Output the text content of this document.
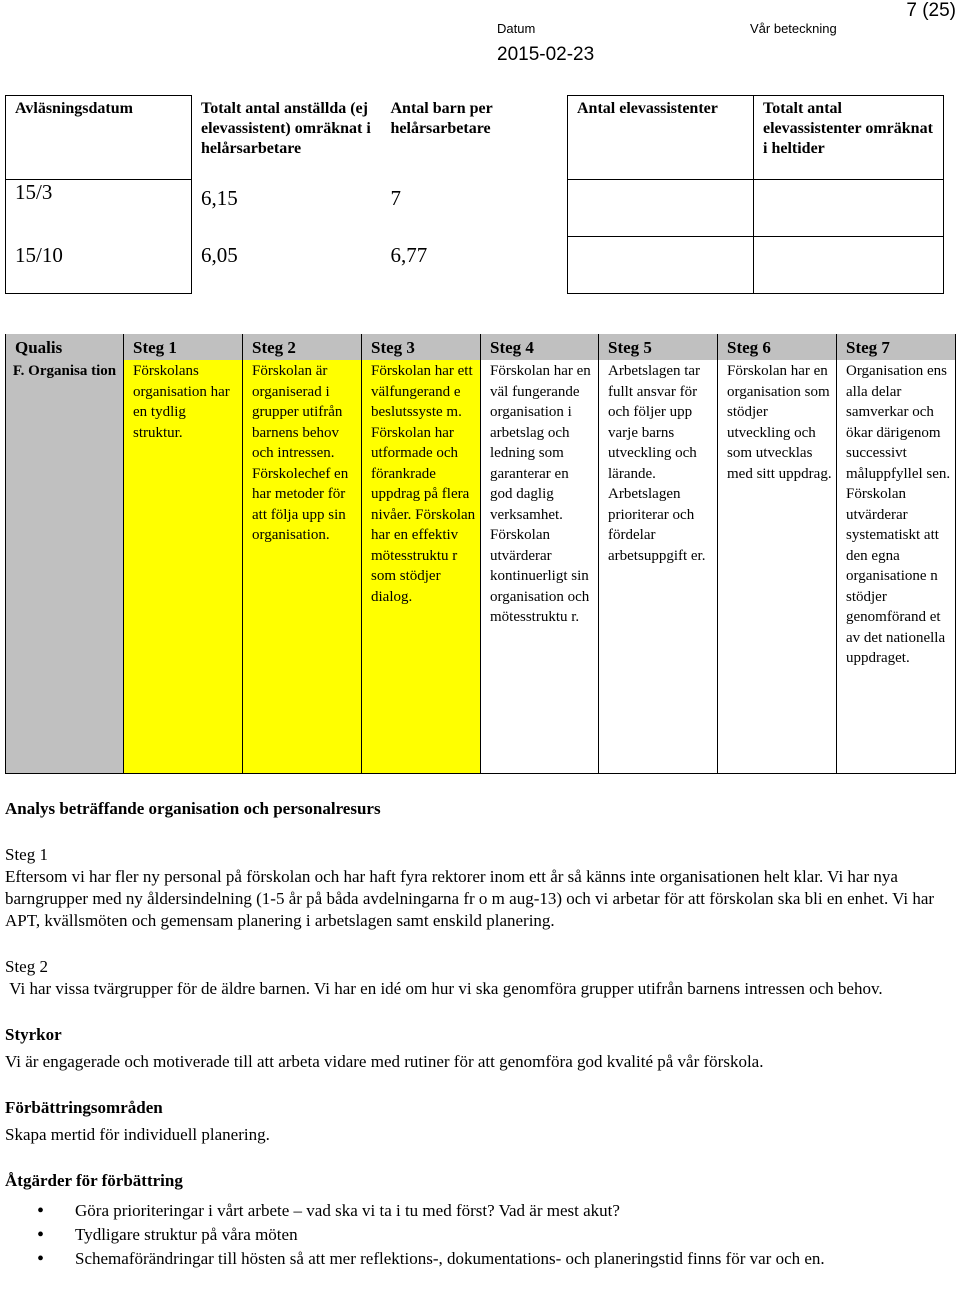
Datum	Vår beteckning
7 (25)
2015-02-23
Avläsningsdatum	Totalt antal anställda (ej elevassistent) omräknat i helårsarbetare	Antal barn per helårsarbetare	Antal elevassistenter	Totalt antal elevassistenter omräknat i heltider
15/3	6,15	7		
15/10	6,05	6,77		
Qualis	Steg 1	Steg 2	Steg 3	Steg 4	Steg 5	Steg 6	Steg 7
F. Organisa tion	Förskolans organisation har en tydlig struktur.	Förskolan är organiserad i grupper utifrån barnens behov och intressen. Förskolechef en har metoder för att följa upp sin organisation.	Förskolan har ett välfungerand e beslutssyste m. Förskolan har utformade och förankrade uppdrag på flera nivåer. Förskolan har en effektiv mötesstruktu r som stödjer dialog.	Förskolan har en väl fungerande organisation i arbetslag och ledning som garanterar en god daglig verksamhet. Förskolan utvärderar kontinuerligt sin organisation och mötesstruktu r.	Arbetslagen tar fullt ansvar för och följer upp varje barns utveckling och lärande. Arbetslagen prioriterar och fördelar arbetsuppgift er.	Förskolan har en organisation som stödjer utveckling och som utvecklas med sitt uppdrag.	Organisation ens alla delar samverkar och ökar därigenom successivt måluppfyllel sen. Förskolan utvärderar systematiskt att den egna organisatione n stödjer genomförand et av det nationella uppdraget.

Analys beträffande organisation och personalresurs

Steg 1

Eftersom vi har fler ny personal på förskolan och har haft fyra rektorer inom ett år så känns inte organisationen helt klar. Vi har nya barngrupper med ny åldersindelning (1-5 år på båda avdelningarna fr o m aug-13) och vi arbetar för att förskolan ska bli en enhet. Vi har APT, kvällsmöten och gemensam planering i arbetslagen samt enskild planering.

Steg 2

Vi har vissa tvärgrupper för de äldre barnen. Vi har en idé om hur vi ska genomföra grupper utifrån barnens intressen och behov.

Styrkor

Vi är engagerade och motiverade till att arbeta vidare med rutiner för att genomföra god kvalité på vår förskola.

Förbättringsområden

Skapa mertid för individuell planering.

Åtgärder för förbättring

• Göra prioriteringar i vårt arbete – vad ska vi ta i tu med först? Vad är mest akut?
• Tydligare struktur på våra möten
• Schemaförändringar till hösten så att mer reflektions-, dokumentations- och planeringstid finns för var och en.
